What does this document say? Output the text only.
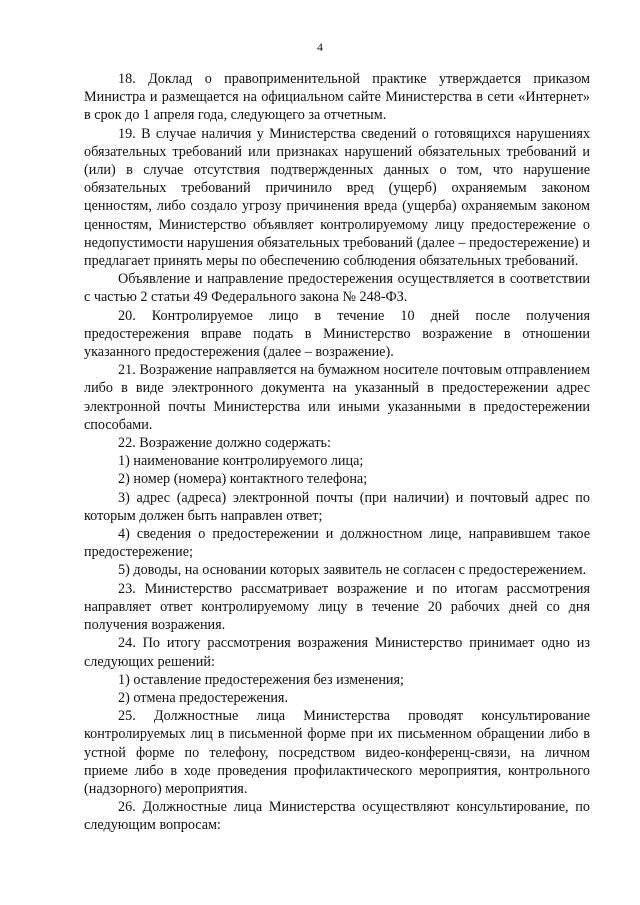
4

18. Доклад о правоприменительной практике утверждается приказом Министра и размещается на официальном сайте Министерства в сети «Интернет» в срок до 1 апреля года, следующего за отчетным.

19. В случае наличия у Министерства сведений о готовящихся нарушениях обязательных требований или признаках нарушений обязательных требований и (или) в случае отсутствия подтвержденных данных о том, что нарушение обязательных требований причинило вред (ущерб) охраняемым законом ценностям, либо создало угрозу причинения вреда (ущерба) охраняемым законом ценностям, Министерство объявляет контролируемому лицу предостережение о недопустимости нарушения обязательных требований (далее – предостережение) и предлагает принять меры по обеспечению соблюдения обязательных требований.

Объявление и направление предостережения осуществляется в соответствии с частью 2 статьи 49 Федерального закона № 248-ФЗ.

20. Контролируемое лицо в течение 10 дней после получения предостережения вправе подать в Министерство возражение в отношении указанного предостережения (далее – возражение).

21. Возражение направляется на бумажном носителе почтовым отправлением либо в виде электронного документа на указанный в предостережении адрес электронной почты Министерства или иными указанными в предостережении способами.

22. Возражение должно содержать:

1) наименование контролируемого лица;

2) номер (номера) контактного телефона;

3) адрес (адреса) электронной почты (при наличии) и почтовый адрес по которым должен быть направлен ответ;

4) сведения о предостережении и должностном лице, направившем такое предостережение;

5) доводы, на основании которых заявитель не согласен с предостережением.

23. Министерство рассматривает возражение и по итогам рассмотрения направляет ответ контролируемому лицу в течение 20 рабочих дней со дня получения возражения.

24. По итогу рассмотрения возражения Министерство принимает одно из следующих решений:

1) оставление предостережения без изменения;

2) отмена предостережения.

25. Должностные лица Министерства проводят консультирование контролируемых лиц в письменной форме при их письменном обращении либо в устной форме по телефону, посредством видео-конференц-связи, на личном приеме либо в ходе проведения профилактического мероприятия, контрольного (надзорного) мероприятия.

26. Должностные лица Министерства осуществляют консультирование, по следующим вопросам:
